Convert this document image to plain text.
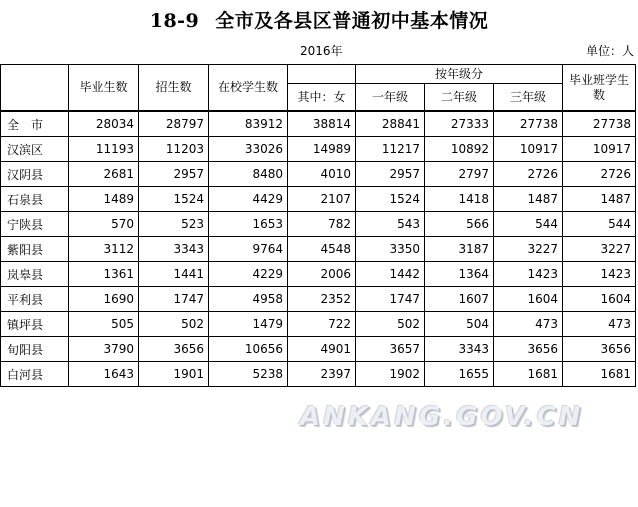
18-9 全市及各县区普通初中基本情况
2016年	单位：人
	毕业生数	招生数	在校学生数		按年级分			毕业班学生数
				其中：女	一年级	二年级	三年级	
全　市	28034	28797	83912	38814	28841	27333	27738	27738
汉滨区	11193	11203	33026	14989	11217	10892	10917	10917
汉阴县	2681	2957	8480	4010	2957	2797	2726	2726
石泉县	1489	1524	4429	2107	1524	1418	1487	1487
宁陕县	570	523	1653	782	543	566	544	544
紫阳县	3112	3343	9764	4548	3350	3187	3227	3227
岚皋县	1361	1441	4229	2006	1442	1364	1423	1423
平利县	1690	1747	4958	2352	1747	1607	1604	1604
镇坪县	505	502	1479	722	502	504	473	473
旬阳县	3790	3656	10656	4901	3657	3343	3656	3656
白河县	1643	1901	5238	2397	1902	1655	1681	1681
ANKANG.GOV.CN
